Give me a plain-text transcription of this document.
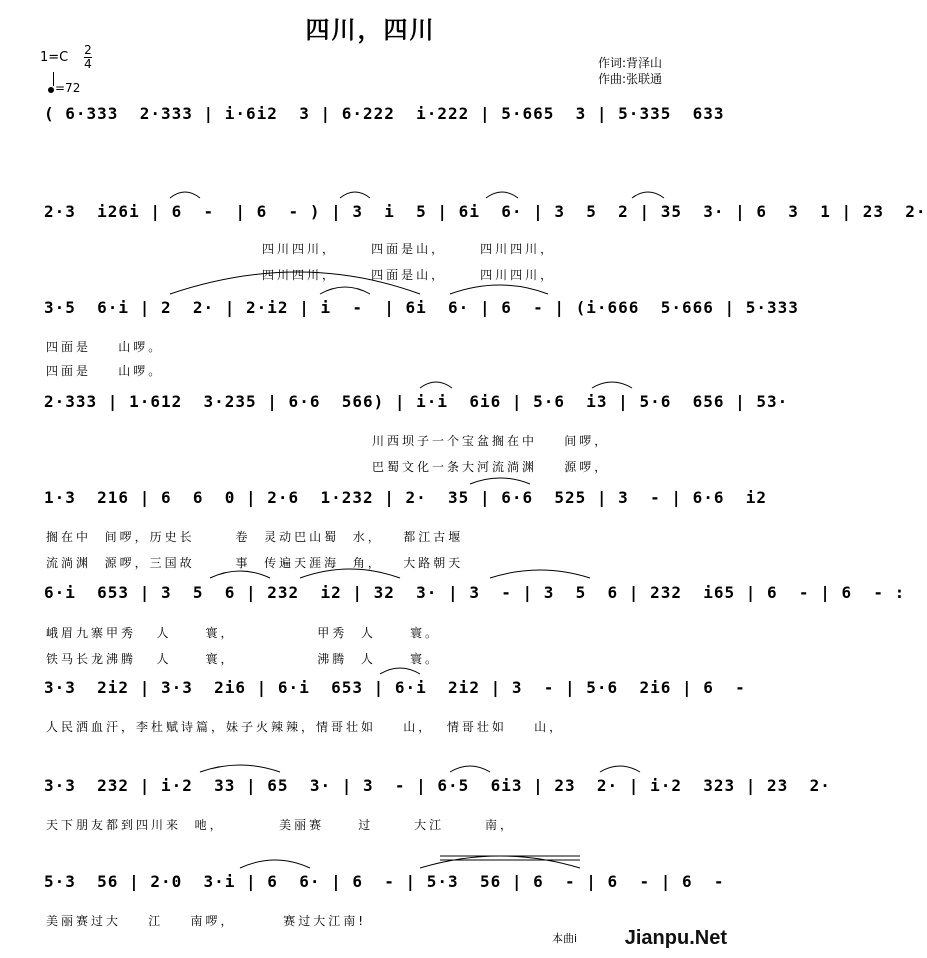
四川，四川
1=C 2
4
=72
作词:背泽山
作曲:张联通
( 6·333  2·333 | i·6i2  3 | 6·222  i·222 | 5·665  3 | 5·335  633
2·3  i26i | 6  -  | 6  - ) | 3  i  5 | 6i  6· | 3  5  2 | 35  3· | 6  3  1 | 23  2·
3·5  6·i | 2  2· | 2·i2 | i  -  | 6i  6· | 6  - | (i·666  5·666 | 5·333
2·333 | 1·612  3·235 | 6·6  566) | i·i  6i6 | 5·6  i3 | 5·6  656 | 53·
1·3  216 | 6  6  0 | 2·6  1·232 | 2·  35 | 6·6  525 | 3  - | 6·6  i2
6·i  653 | 3  5  6 | 232  i2 | 32  3· | 3  - | 3  5  6 | 232  i65 | 6  - | 6  - :
3·3  2i2 | 3·3  2i6 | 6·i  653 | 6·i  2i2 | 3  - | 5·6  2i6 | 6  -
3·3  232 | i·2  33 | 65  3· | 3  - | 6·5  6i3 | 23  2· | i·2  323 | 23  2·
5·3  56 | 2·0  3·i | 6  6· | 6  - | 5·3  56 | 6  - | 6  - | 6  -
四川四川，     四面是山，     四川四川，
四川四川，     四面是山，     四川四川，
四面是    山啰。
四面是    山啰。
川西坝子一个宝盆搁在中    间啰，
巴蜀文化一条大河流淌渊    源啰，
搁在中  间啰，历史长      卷  灵动巴山蜀  水，   都江古堰
流淌渊  源啰，三国故      事  传遍天涯海  角，   大路朝天
峨眉九寨甲秀   人     寰，            甲秀  人     寰。
铁马长龙沸腾   人     寰，            沸腾  人     寰。
人民洒血汗，李杜赋诗篇，妹子火辣辣，情哥壮如    山，  情哥壮如    山，
天下朋友都到四川来  吔，        美丽赛     过      大江      南，
美丽赛过大    江    南啰，       赛过大江南!
本曲i Jianpu.Net
